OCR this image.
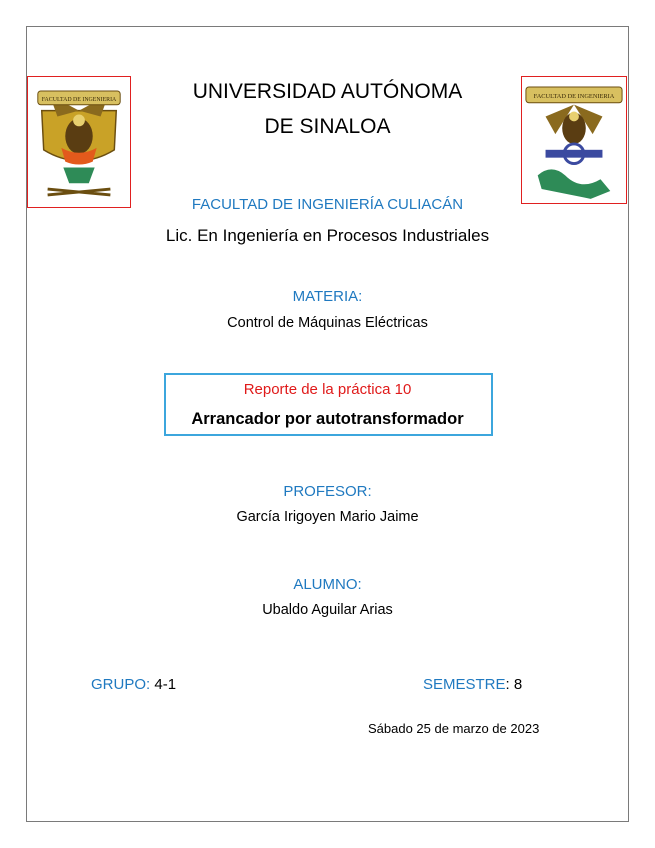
FACULTAD DE INGENIERIA	FACULTAD DE INGENIERIA
UNIVERSIDAD AUTÓNOMA
DE SINALOA
FACULTAD DE INGENIERÍA CULIACÁN
Lic. En Ingeniería en Procesos Industriales
MATERIA:
Control de Máquinas Eléctricas
Reporte de la práctica 10
Arrancador por autotransformador
PROFESOR:
García Irigoyen Mario Jaime
ALUMNO:
Ubaldo Aguilar Arias
GRUPO: 4-1	SEMESTRE: 8
Sábado 25 de marzo de 2023
